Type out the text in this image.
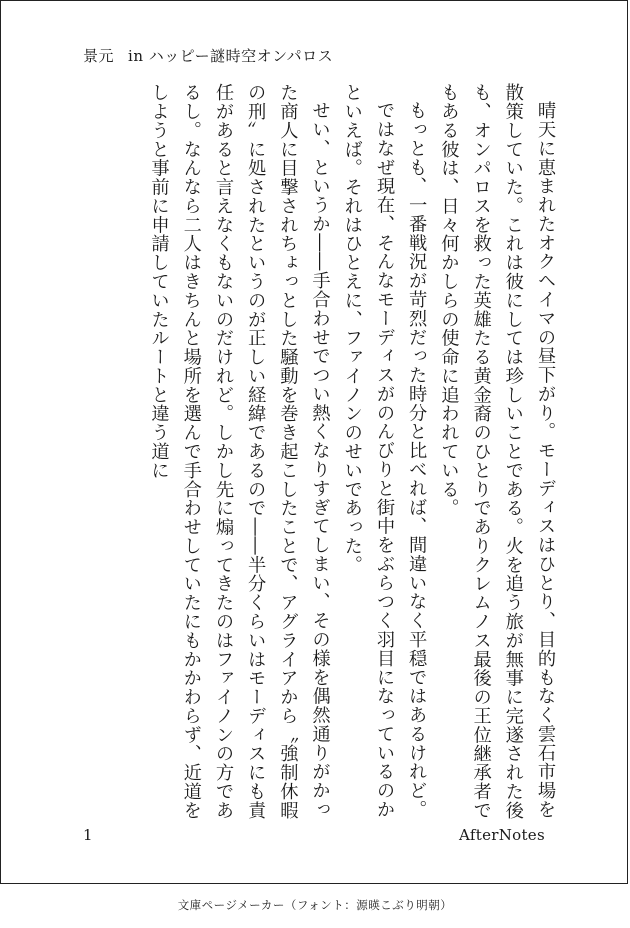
景元 in ハッピー謎時空オンパロス

晴天に恵まれたオクヘイマの昼下がり。モーディスはひとり、目的もなく雲石市場を散策していた。これは彼にしては珍しいことである。火を追う旅が無事に完遂された後も、オンパロスを救った英雄たる黄金裔のひとりでありクレムノス最後の王位継承者でもある彼は、日々何かしらの使命に追われている。

もっとも、一番戦況が苛烈だった時分と比べれば、間違いなく平穏ではあるけれど。

ではなぜ現在、そんなモーディスがのんびりと街中をぶらつく羽目になっているのかといえば。それはひとえに、ファイノンのせいであった。

せい、というか――手合わせでつい熱くなりすぎてしまい、その様を偶然通りがかった商人に目撃されちょっとした騒動を巻き起こしたことで、アグライアから〝強制休暇の刑〟に処されたというのが正しい経緯であるので――半分くらいはモーディスにも責任があると言えなくもないのだけれど。しかし先に煽ってきたのはファイノンの方であるし。なんなら二人はきちんと場所を選んで手合わせしていたにもかかわらず、近道をしようと事前に申請していたルートと違う道に

1	AfterNotes
文庫ページメーカー（フォント：源暎こぶり明朝）
